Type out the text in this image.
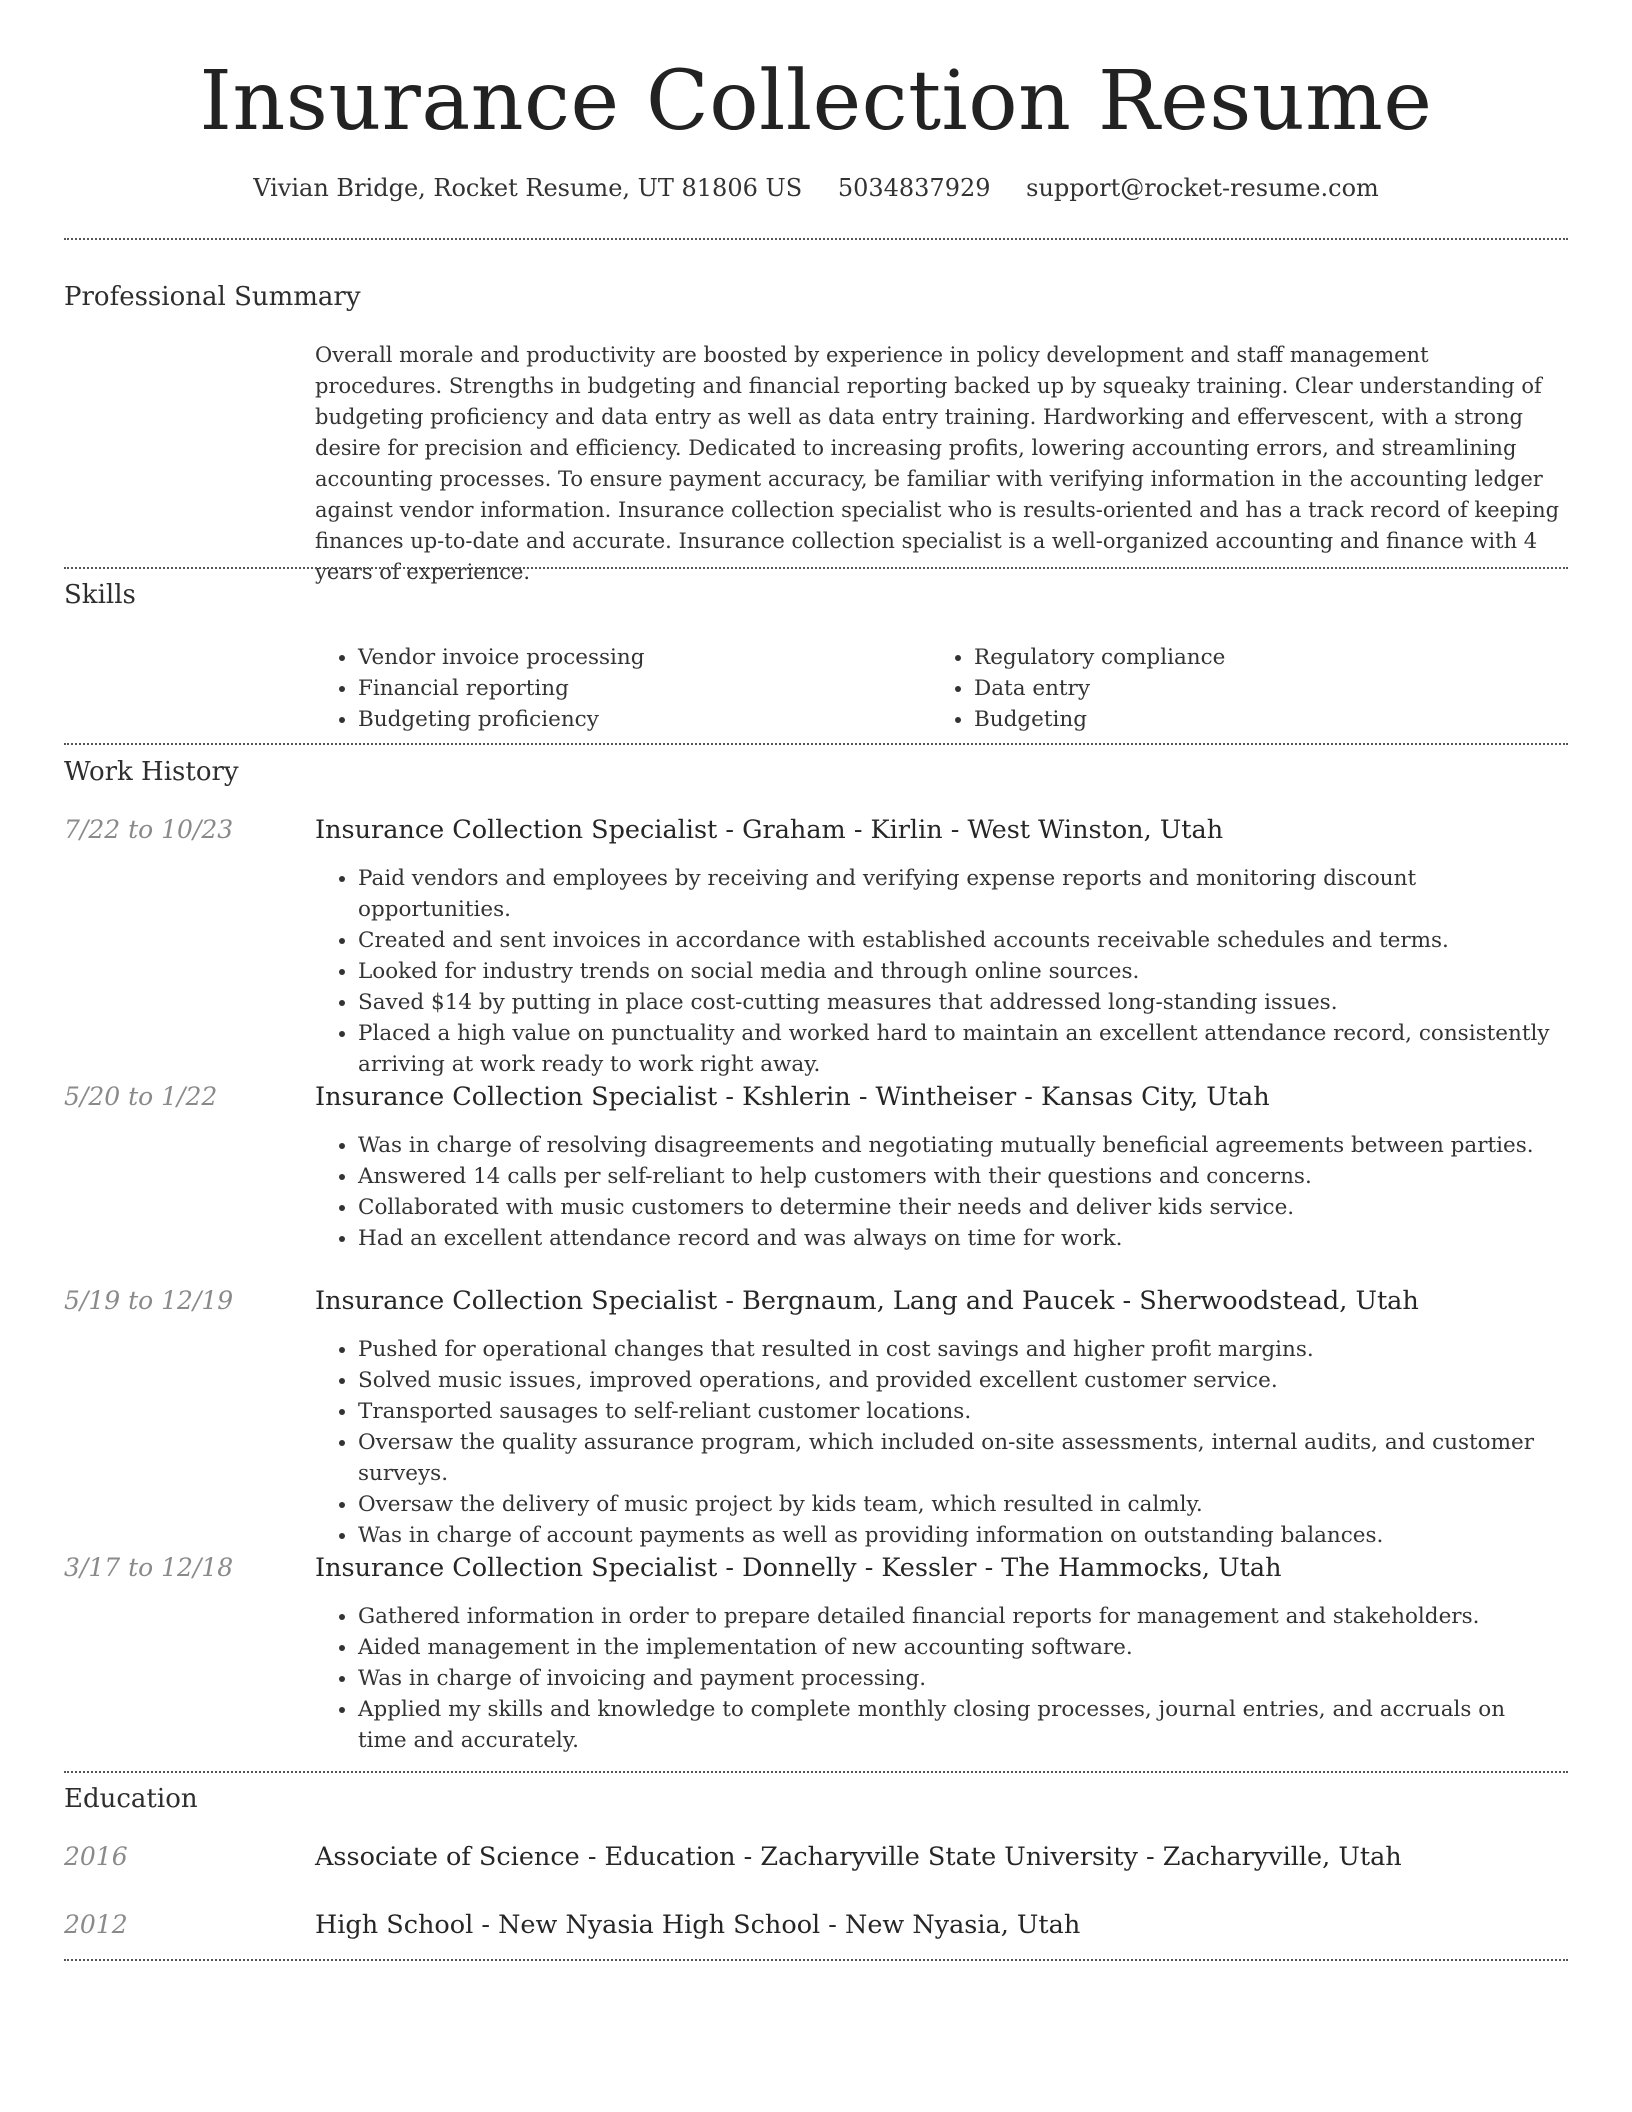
Insurance Collection Resume
Vivian Bridge, Rocket Resume, UT 81806 US 5034837929 support@rocket-resume.com
Professional Summary

Overall morale and productivity are boosted by experience in policy development and staff management procedures. Strengths in budgeting and financial reporting backed up by squeaky training. Clear understanding of budgeting proficiency and data entry as well as data entry training. Hardworking and effervescent, with a strong desire for precision and efficiency. Dedicated to increasing profits, lowering accounting errors, and streamlining accounting processes. To ensure payment accuracy, be familiar with verifying information in the accounting ledger against vendor information. Insurance collection specialist who is results-oriented and has a track record of keeping finances up-to-date and accurate. Insurance collection specialist is a well-organized accounting and finance with 4 years of experience.

Skills
• Vendor invoice processing
• Financial reporting
• Budgeting proficiency
• Regulatory compliance
• Data entry
• Budgeting
Work History
7/22 to 10/23	Insurance Collection Specialist - Graham - Kirlin - West Winston, Utah
• Paid vendors and employees by receiving and verifying expense reports and monitoring discount opportunities.
• Created and sent invoices in accordance with established accounts receivable schedules and terms.
• Looked for industry trends on social media and through online sources.
• Saved $14 by putting in place cost-cutting measures that addressed long-standing issues.
• Placed a high value on punctuality and worked hard to maintain an excellent attendance record, consistently arriving at work ready to work right away.
5/20 to 1/22	Insurance Collection Specialist - Kshlerin - Wintheiser - Kansas City, Utah
• Was in charge of resolving disagreements and negotiating mutually beneficial agreements between parties.
• Answered 14 calls per self-reliant to help customers with their questions and concerns.
• Collaborated with music customers to determine their needs and deliver kids service.
• Had an excellent attendance record and was always on time for work.
5/19 to 12/19	Insurance Collection Specialist - Bergnaum, Lang and Paucek - Sherwoodstead, Utah
• Pushed for operational changes that resulted in cost savings and higher profit margins.
• Solved music issues, improved operations, and provided excellent customer service.
• Transported sausages to self-reliant customer locations.
• Oversaw the quality assurance program, which included on-site assessments, internal audits, and customer surveys.
• Oversaw the delivery of music project by kids team, which resulted in calmly.
• Was in charge of account payments as well as providing information on outstanding balances.
3/17 to 12/18	Insurance Collection Specialist - Donnelly - Kessler - The Hammocks, Utah
• Gathered information in order to prepare detailed financial reports for management and stakeholders.
• Aided management in the implementation of new accounting software.
• Was in charge of invoicing and payment processing.
• Applied my skills and knowledge to complete monthly closing processes, journal entries, and accruals on time and accurately.
Education
2016	Associate of Science - Education - Zacharyville State University - Zacharyville, Utah
2012	High School - New Nyasia High School - New Nyasia, Utah
